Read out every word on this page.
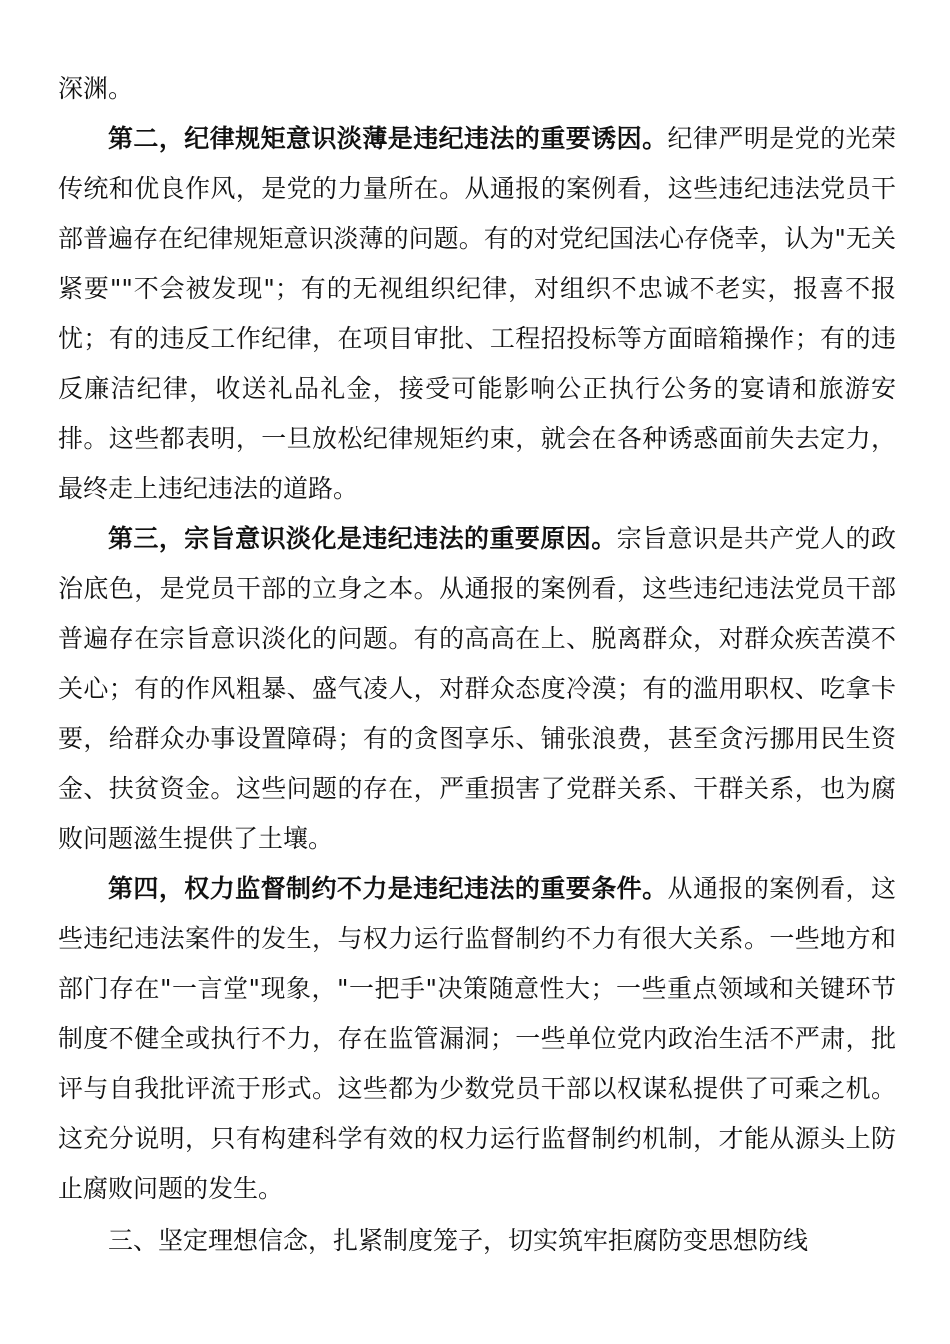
深渊。

第二，纪律规矩意识淡薄是违纪违法的重要诱因。纪律严明是党的光荣传统和优良作风，是党的力量所在。从通报的案例看，这些违纪违法党员干部普遍存在纪律规矩意识淡薄的问题。有的对党纪国法心存侥幸，认为"无关紧要""不会被发现"；有的无视组织纪律，对组织不忠诚不老实，报喜不报忧；有的违反工作纪律，在项目审批、工程招投标等方面暗箱操作；有的违反廉洁纪律，收送礼品礼金，接受可能影响公正执行公务的宴请和旅游安排。这些都表明，一旦放松纪律规矩约束，就会在各种诱惑面前失去定力，最终走上违纪违法的道路。

第三，宗旨意识淡化是违纪违法的重要原因。宗旨意识是共产党人的政治底色，是党员干部的立身之本。从通报的案例看，这些违纪违法党员干部普遍存在宗旨意识淡化的问题。有的高高在上、脱离群众，对群众疾苦漠不关心；有的作风粗暴、盛气凌人，对群众态度冷漠；有的滥用职权、吃拿卡要，给群众办事设置障碍；有的贪图享乐、铺张浪费，甚至贪污挪用民生资金、扶贫资金。这些问题的存在，严重损害了党群关系、干群关系，也为腐败问题滋生提供了土壤。

第四，权力监督制约不力是违纪违法的重要条件。从通报的案例看，这些违纪违法案件的发生，与权力运行监督制约不力有很大关系。一些地方和部门存在"一言堂"现象，"一把手"决策随意性大；一些重点领域和关键环节制度不健全或执行不力，存在监管漏洞；一些单位党内政治生活不严肃，批评与自我批评流于形式。这些都为少数党员干部以权谋私提供了可乘之机。这充分说明，只有构建科学有效的权力运行监督制约机制，才能从源头上防止腐败问题的发生。

三、坚定理想信念，扎紧制度笼子，切实筑牢拒腐防变思想防线
